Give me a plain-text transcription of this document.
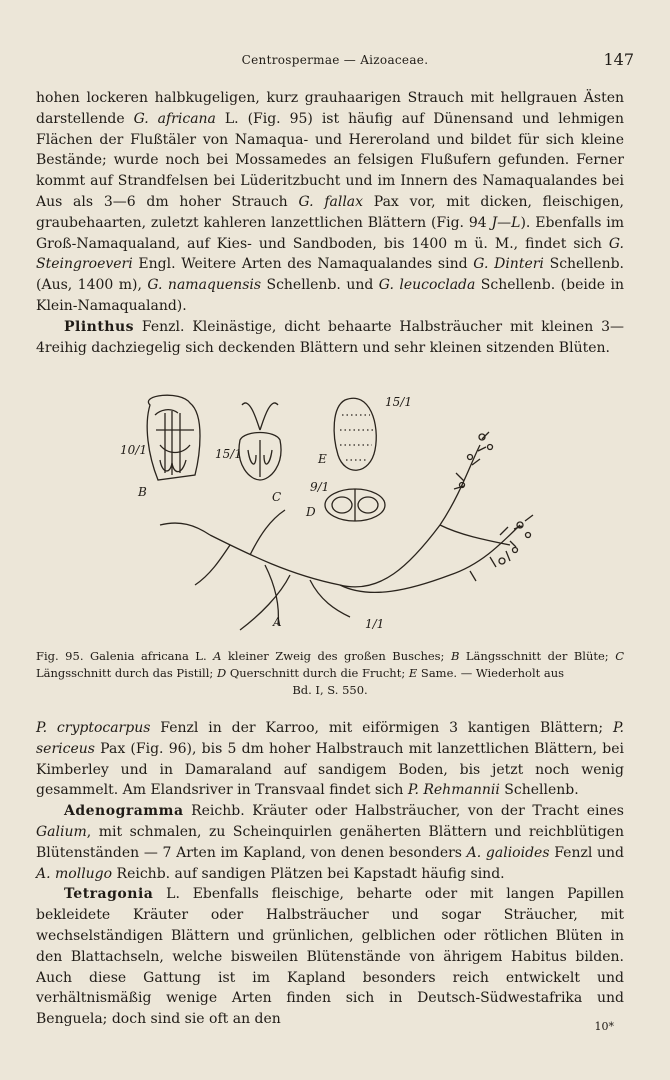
Centrospermae — Aizoaceae.	147

hohen lockeren halbkugeligen, kurz grauhaarigen Strauch mit hellgrauen Ästen darstellende G. africana L. (Fig. 95) ist häufig auf Dünensand und lehmigen Flächen der Flußtäler von Namaqua- und Hereroland und bildet für sich kleine Bestände; wurde noch bei Mossamedes an felsigen Flußufern gefunden. Ferner kommt auf Strandfelsen bei Lüderitzbucht und im Innern des Namaqualandes bei Aus als 3—6 dm hoher Strauch G. fallax Pax vor, mit dicken, fleischigen, graubehaarten, zuletzt kahleren lanzettlichen Blättern (Fig. 94 J—L). Ebenfalls im Groß-Namaqualand, auf Kies- und Sandboden, bis 1400 m ü. M., findet sich G. Steingroeveri Engl. Weitere Arten des Namaqualandes sind G. Dinteri Schellenb. (Aus, 1400 m), G. namaquensis Schellenb. und G. leucoclada Schellenb. (beide in Klein-Namaqualand).

Plinthus Fenzl. Kleinästige, dicht behaarte Halbsträucher mit kleinen 3—4reihig dachziegelig sich deckenden Blättern und sehr kleinen sitzenden Blüten.

10/1
B
15/1
C
15/1
E
9/1
D
A	1/1
Fig. 95. Galenia africana L. A kleiner Zweig des großen Busches; B Längsschnitt der Blüte; C Längsschnitt durch das Pistill; D Querschnitt durch die Frucht; E Same. — Wiederholt aus
Bd. I, S. 550.

P. cryptocarpus Fenzl in der Karroo, mit eiförmigen 3 kantigen Blättern; P. sericeus Pax (Fig. 96), bis 5 dm hoher Halbstrauch mit lanzettlichen Blättern, bei Kimberley und in Damaraland auf sandigem Boden, bis jetzt noch wenig gesammelt. Am Elandsriver in Transvaal findet sich P. Rehmannii Schellenb.

Adenogramma Reichb. Kräuter oder Halbsträucher, von der Tracht eines Galium, mit schmalen, zu Scheinquirlen genäherten Blättern und reichblütigen Blütenständen — 7 Arten im Kapland, von denen besonders A. galioides Fenzl und A. mollugo Reichb. auf sandigen Plätzen bei Kapstadt häufig sind.

Tetragonia L. Ebenfalls fleischige, beharte oder mit langen Papillen bekleidete Kräuter oder Halbsträucher und sogar Sträucher, mit wechselständigen Blättern und grünlichen, gelblichen oder rötlichen Blüten in den Blattachseln, welche bisweilen Blütenstände von ährigem Habitus bilden. Auch diese Gattung ist im Kapland besonders reich entwickelt und verhältnismäßig wenige Arten finden sich in Deutsch-Südwestafrika und Benguela; doch sind sie oft an den	10*
